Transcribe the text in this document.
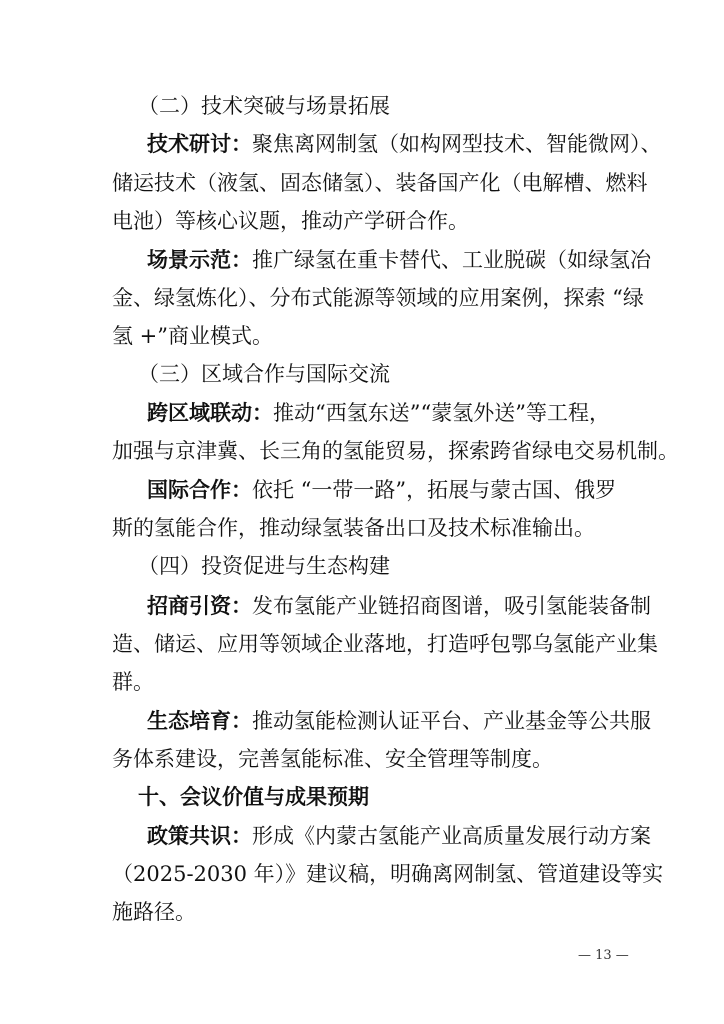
（二）技术突破与场景拓展
技术研讨：聚焦离网制氢（如构网型技术、智能微网）、
储运技术（液氢、固态储氢）、装备国产化（电解槽、燃料
电池）等核心议题，推动产学研合作。
场景示范：推广绿氢在重卡替代、工业脱碳（如绿氢冶
金、绿氢炼化）、分布式能源等领域的应用案例，探索 “绿
氢 +”商业模式。
（三）区域合作与国际交流
跨区域联动：推动“西氢东送”“蒙氢外送”等工程，
加强与京津冀、长三角的氢能贸易，探索跨省绿电交易机制。
国际合作：依托 “一带一路”，拓展与蒙古国、俄罗
斯的氢能合作，推动绿氢装备出口及技术标准输出。
（四）投资促进与生态构建
招商引资：发布氢能产业链招商图谱，吸引氢能装备制
造、储运、应用等领域企业落地，打造呼包鄂乌氢能产业集
群。
生态培育：推动氢能检测认证平台、产业基金等公共服
务体系建设，完善氢能标准、安全管理等制度。
十、会议价值与成果预期
政策共识：形成《内蒙古氢能产业高质量发展行动方案
（2025-2030 年）》建议稿，明确离网制氢、管道建设等实
施路径。
— 13 —
